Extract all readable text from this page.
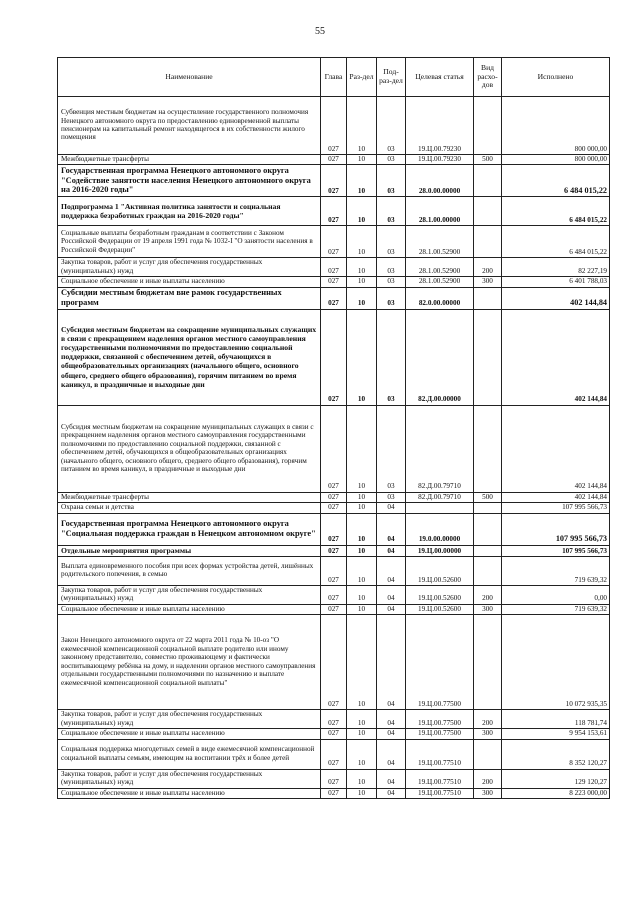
55
Наименование	Глава	Раз-дел	Под-раз-дел	Целевая статья	Вид расхо-дов	Исполнено
Субвенция местным бюджетам на осуществление государственного полномочия Ненецкого автономного округа по предоставлению единовременной выплаты пенсионерам на капитальный ремонт находящегося в их собственности жилого помещения	027	10	03	19.Ц.00.79230		800 000,00
Межбюджетные трансферты	027	10	03	19.Ц.00.79230	500	800 000,00
Государственная программа Ненецкого автономного округа "Содействие занятости населения Ненецкого автономного округа на 2016-2020 годы"	027	10	03	28.0.00.00000		6 484 015,22
Подпрограмма 1 "Активная политика занятости и социальная поддержка безработных граждан на 2016-2020 годы"	027	10	03	28.1.00.00000		6 484 015,22
Социальные выплаты безработным гражданам в соответствии с Законом Российской Федерации от 19 апреля 1991 года № 1032-I "О занятости населения в Российской Федерации"	027	10	03	28.1.00.52900		6 484 015,22
Закупка товаров, работ и услуг для обеспечения государственных (муниципальных) нужд	027	10	03	28.1.00.52900	200	82 227,19
Социальное обеспечение и иные выплаты населению	027	10	03	28.1.00.52900	300	6 401 788,03
Субсидии местным бюджетам вне рамок государственных программ	027	10	03	82.0.00.00000		402 144,84
Субсидия местным бюджетам на сокращение муниципальных служащих в связи с прекращением наделения органов местного самоуправления государственными полномочиями по предоставлению социальной поддержки, связанной с обеспечением детей, обучающихся в общеобразовательных организациях (начального общего, основного общего, среднего общего образования), горячим питанием во время каникул, в праздничные и выходные дни	027	10	03	82.Д.00.00000		402 144,84
Субсидия местным бюджетам на сокращение муниципальных служащих в связи с прекращением наделения органов местного самоуправления государственными полномочиями по предоставлению социальной поддержки, связанной с обеспечением детей, обучающихся в общеобразовательных организациях (начального общего, основного общего, среднего общего образования), горячим питанием во время каникул, в праздничные и выходные дни	027	10	03	82.Д.00.79710		402 144,84
Межбюджетные трансферты	027	10	03	82.Д.00.79710	500	402 144,84
Охрана семьи и детства	027	10	04			107 995 566,73
Государственная программа Ненецкого автономного округа "Социальная поддержка граждан в Ненецком автономном округе"	027	10	04	19.0.00.00000		107 995 566,73
Отдельные мероприятия программы	027	10	04	19.Ц.00.00000		107 995 566,73
Выплата единовременного пособия при всех формах устройства детей, лишённых родительского попечения, в семью	027	10	04	19.Ц.00.52600		719 639,32
Закупка товаров, работ и услуг для обеспечения государственных (муниципальных) нужд	027	10	04	19.Ц.00.52600	200	0,00
Социальное обеспечение и иные выплаты населению	027	10	04	19.Ц.00.52600	300	719 639,32
Закон Ненецкого автономного округа от 22 марта 2011 года № 10-оз "О ежемесячной компенсационной социальной выплате родителю или иному законному представителю, совместно проживающему и фактически воспитывающему ребёнка на дому, и наделении органов местного самоуправления отдельными государственными полномочиями по назначению и выплате ежемесячной компенсационной социальной выплаты"	027	10	04	19.Ц.00.77500		10 072 935,35
Закупка товаров, работ и услуг для обеспечения государственных (муниципальных) нужд	027	10	04	19.Ц.00.77500	200	118 781,74
Социальное обеспечение и иные выплаты населению	027	10	04	19.Ц.00.77500	300	9 954 153,61
Социальная поддержка многодетных семей в виде ежемесячной компенсационной социальной выплаты семьям, имеющим на воспитании трёх и более детей	027	10	04	19.Ц.00.77510		8 352 120,27
Закупка товаров, работ и услуг для обеспечения государственных (муниципальных) нужд	027	10	04	19.Ц.00.77510	200	129 120,27
Социальное обеспечение и иные выплаты населению	027	10	04	19.Ц.00.77510	300	8 223 000,00
